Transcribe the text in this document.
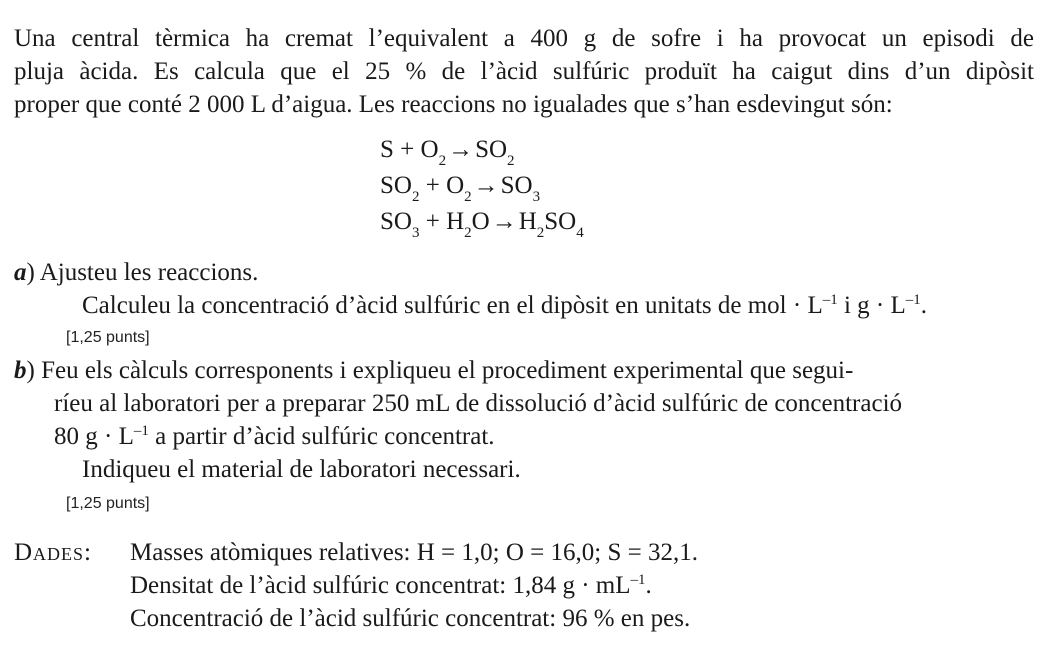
Una central tèrmica ha cremat l’equivalent a 400 g de sofre i ha provocat un episodi de
pluja àcida. Es calcula que el 25 % de l’àcid sulfúric produït ha caigut dins d’un dipòsit
proper que conté 2 000 L d’aigua. Les reaccions no igualades que s’han esdevingut són:
$S + O_2\to SO_2$
$SO_2 + O_2\to SO_3$
$SO_3 + H_2O\to H_2SO_4$
a) Ajusteu les reaccions.
Calculeu la concentració d’àcid sulfúric en el dipòsit en unitats de mol · $L^{-1}$ i $g \cdot L^{-1}$.
[1,25 punts]
b) Feu els càlculs corresponents i expliqueu el procediment experimental que segui-
ríeu al laboratori per a preparar 250 mL de dissolució d’àcid sulfúric de concentració
80 $g \cdot L^{-1}$ a partir d’àcid sulfúric concentrat.
Indiqueu el material de laboratori necessari.
[1,25 punts]
Dades: Masses atòmiques relatives: H = 1,0; O = 16,0; S = 32,1.
Densitat de l’àcid sulfúric concentrat: 1,84 $g \cdot mL^{-1}$.
Concentració de l’àcid sulfúric concentrat: 96 % en pes.
